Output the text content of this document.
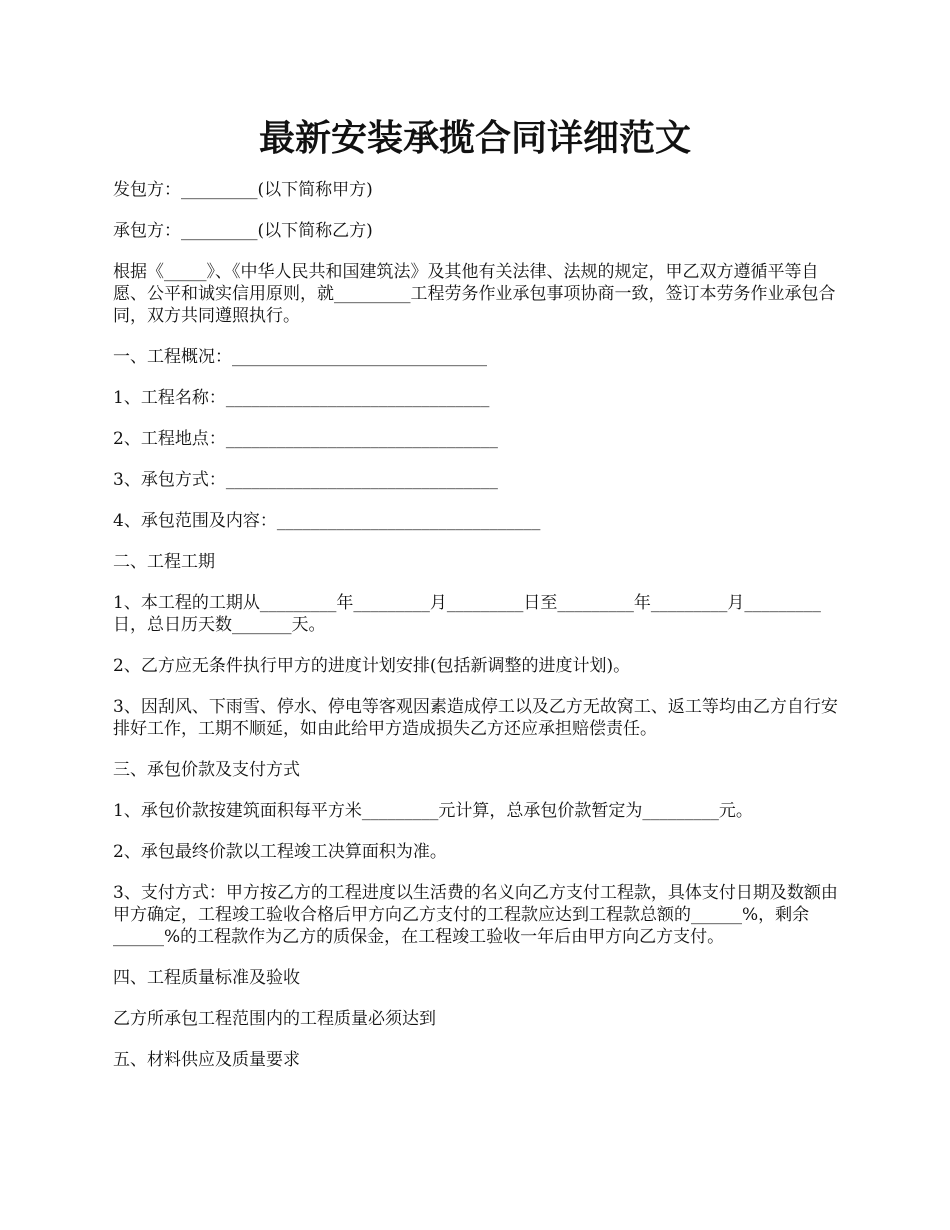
最新安装承揽合同详细范文

发包方：_________(以下简称甲方)

承包方：_________(以下简称乙方)

根据《_____》、《中华人民共和国建筑法》及其他有关法律、法规的规定，甲乙双方遵循平等自愿、公平和诚实信用原则，就_________工程劳务作业承包事项协商一致，签订本劳务作业承包合同，双方共同遵照执行。

一、工程概况：______________________________

1、工程名称：_______________________________

2、工程地点：________________________________

3、承包方式：________________________________

4、承包范围及内容：_______________________________

二、工程工期

1、本工程的工期从_________年_________月_________日至_________年_________月_________日，总日历天数_______天。

2、乙方应无条件执行甲方的进度计划安排(包括新调整的进度计划)。

3、因刮风、下雨雪、停水、停电等客观因素造成停工以及乙方无故窝工、返工等均由乙方自行安排好工作，工期不顺延，如由此给甲方造成损失乙方还应承担赔偿责任。

三、承包价款及支付方式

1、承包价款按建筑面积每平方米_________元计算，总承包价款暂定为_________元。

2、承包最终价款以工程竣工决算面积为准。

3、支付方式：甲方按乙方的工程进度以生活费的名义向乙方支付工程款，具体支付日期及数额由甲方确定，工程竣工验收合格后甲方向乙方支付的工程款应达到工程款总额的______%，剩余______%的工程款作为乙方的质保金，在工程竣工验收一年后由甲方向乙方支付。

四、工程质量标准及验收

乙方所承包工程范围内的工程质量必须达到

五、材料供应及质量要求
